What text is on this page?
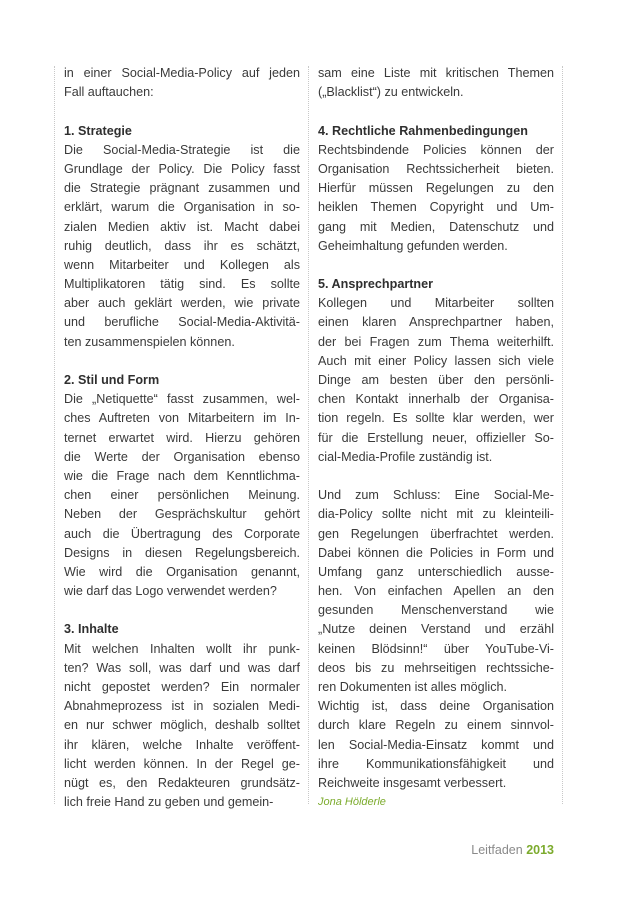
in einer Social-Media-Policy auf jeden
Fall auftauchen:
1. Strategie
Die Social-Media-Strategie ist die
Grundlage der Policy. Die Policy fasst
die Strategie prägnant zusammen und
erklärt, warum die Organisation in so-
zialen Medien aktiv ist. Macht dabei
ruhig deutlich, dass ihr es schätzt,
wenn Mitarbeiter und Kollegen als
Multiplikatoren tätig sind. Es sollte
aber auch geklärt werden, wie private
und berufliche Social-Media-Aktivitä-
ten zusammenspielen können.
2. Stil und Form
Die „Netiquette“ fasst zusammen, wel-
ches Auftreten von Mitarbeitern im In-
ternet erwartet wird. Hierzu gehören
die Werte der Organisation ebenso
wie die Frage nach dem Kenntlichma-
chen einer persönlichen Meinung.
Neben der Gesprächskultur gehört
auch die Übertragung des Corporate
Designs in diesen Regelungsbereich.
Wie wird die Organisation genannt,
wie darf das Logo verwendet werden?
3. Inhalte
Mit welchen Inhalten wollt ihr punk-
ten? Was soll, was darf und was darf
nicht gepostet werden? Ein normaler
Abnahmeprozess ist in sozialen Medi-
en nur schwer möglich, deshalb solltet
ihr klären, welche Inhalte veröffent-
licht werden können. In der Regel ge-
nügt es, den Redakteuren grundsätz-
lich freie Hand zu geben und gemein-
sam eine Liste mit kritischen Themen
(„Blacklist“) zu entwickeln.
4. Rechtliche Rahmenbedingungen
Rechtsbindende Policies können der
Organisation Rechtssicherheit bieten.
Hierfür müssen Regelungen zu den
heiklen Themen Copyright und Um-
gang mit Medien, Datenschutz und
Geheimhaltung gefunden werden.
5. Ansprechpartner
Kollegen und Mitarbeiter sollten
einen klaren Ansprechpartner haben,
der bei Fragen zum Thema weiterhilft.
Auch mit einer Policy lassen sich viele
Dinge am besten über den persönli-
chen Kontakt innerhalb der Organisa-
tion regeln. Es sollte klar werden, wer
für die Erstellung neuer, offizieller So-
cial-Media-Profile zuständig ist.
Und zum Schluss: Eine Social-Me-
dia-Policy sollte nicht mit zu kleinteili-
gen Regelungen überfrachtet werden.
Dabei können die Policies in Form und
Umfang ganz unterschiedlich ausse-
hen. Von einfachen Apellen an den
gesunden Menschenverstand wie
„Nutze deinen Verstand und erzähl
keinen Blödsinn!“ über YouTube-Vi-
deos bis zu mehrseitigen rechtssiche-
ren Dokumenten ist alles möglich.
Wichtig ist, dass deine Organisation
durch klare Regeln zu einem sinnvol-
len Social-Media-Einsatz kommt und
ihre Kommunikationsfähigkeit und
Reichweite insgesamt verbessert.
Jona Hölderle
Leitfaden 2013
